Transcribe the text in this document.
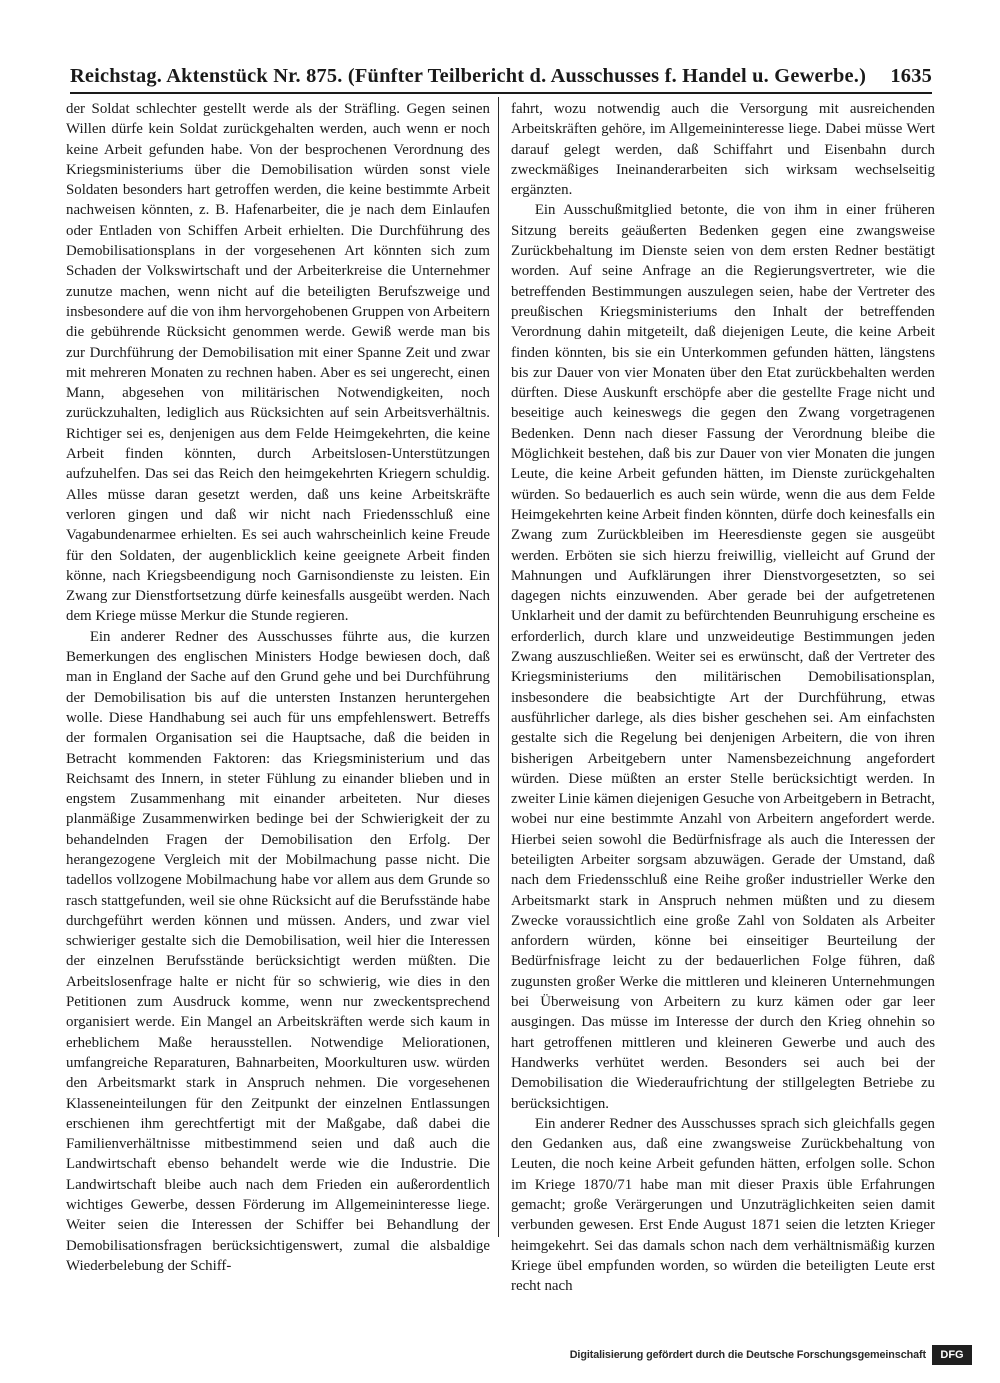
Reichstag. Aktenstück Nr. 875. (Fünfter Teilbericht d. Ausschusses f. Handel u. Gewerbe.) 1635

der Soldat schlechter gestellt werde als der Sträfling. Gegen seinen Willen dürfe kein Soldat zurückgehalten werden, auch wenn er noch keine Arbeit gefunden habe. Von der besprochenen Verordnung des Kriegsministeriums über die Demobilisation würden sonst viele Soldaten besonders hart getroffen werden, die keine bestimmte Arbeit nachweisen könnten, z. B. Hafenarbeiter, die je nach dem Einlaufen oder Entladen von Schiffen Arbeit erhielten. Die Durchführung des Demobilisationsplans in der vorgesehenen Art könnten sich zum Schaden der Volkswirtschaft und der Arbeiterkreise die Unternehmer zunutze machen, wenn nicht auf die beteiligten Berufszweige und insbesondere auf die von ihm hervorgehobenen Gruppen von Arbeitern die gebührende Rücksicht genommen werde. Gewiß werde man bis zur Durchführung der Demobilisation mit einer Spanne Zeit und zwar mit mehreren Monaten zu rechnen haben. Aber es sei ungerecht, einen Mann, abgesehen von militärischen Notwendigkeiten, noch zurückzuhalten, lediglich aus Rücksichten auf sein Arbeitsverhältnis. Richtiger sei es, denjenigen aus dem Felde Heimgekehrten, die keine Arbeit finden könnten, durch Arbeitslosen-Unterstützungen aufzuhelfen. Das sei das Reich den heimgekehrten Kriegern schuldig. Alles müsse daran gesetzt werden, daß uns keine Arbeitskräfte verloren gingen und daß wir nicht nach Friedensschluß eine Vagabundenarmee erhielten. Es sei auch wahrscheinlich keine Freude für den Soldaten, der augenblicklich keine geeignete Arbeit finden könne, nach Kriegsbeendigung noch Garnisondienste zu leisten. Ein Zwang zur Dienstfortsetzung dürfe keinesfalls ausgeübt werden. Nach dem Kriege müsse Merkur die Stunde regieren.

Ein anderer Redner des Ausschusses führte aus, die kurzen Bemerkungen des englischen Ministers Hodge bewiesen doch, daß man in England der Sache auf den Grund gehe und bei Durchführung der Demobilisation bis auf die untersten Instanzen heruntergehen wolle. Diese Handhabung sei auch für uns empfehlenswert. Betreffs der formalen Organisation sei die Hauptsache, daß die beiden in Betracht kommenden Faktoren: das Kriegsministerium und das Reichsamt des Innern, in steter Fühlung zu einander blieben und in engstem Zusammenhang mit einander arbeiteten. Nur dieses planmäßige Zusammenwirken bedinge bei der Schwierigkeit der zu behandelnden Fragen der Demobilisation den Erfolg. Der herangezogene Vergleich mit der Mobilmachung passe nicht. Die tadellos vollzogene Mobilmachung habe vor allem aus dem Grunde so rasch stattgefunden, weil sie ohne Rücksicht auf die Berufsstände habe durchgeführt werden können und müssen. Anders, und zwar viel schwieriger gestalte sich die Demobilisation, weil hier die Interessen der einzelnen Berufsstände berücksichtigt werden müßten. Die Arbeitslosenfrage halte er nicht für so schwierig, wie dies in den Petitionen zum Ausdruck komme, wenn nur zweckentsprechend organisiert werde. Ein Mangel an Arbeitskräften werde sich kaum in erheblichem Maße herausstellen. Notwendige Meliorationen, umfangreiche Reparaturen, Bahnarbeiten, Moorkulturen usw. würden den Arbeitsmarkt stark in Anspruch nehmen. Die vorgesehenen Klasseneinteilungen für den Zeitpunkt der einzelnen Entlassungen erschienen ihm gerechtfertigt mit der Maßgabe, daß dabei die Familienverhältnisse mitbestimmend seien und daß auch die Landwirtschaft ebenso behandelt werde wie die Industrie. Die Landwirtschaft bleibe auch nach dem Frieden ein außerordentlich wichtiges Gewerbe, dessen Förderung im Allgemeininteresse liege. Weiter seien die Interessen der Schiffer bei Behandlung der Demobilisationsfragen berücksichtigenswert, zumal die alsbaldige Wiederbelebung der Schiff-

fahrt, wozu notwendig auch die Versorgung mit ausreichenden Arbeitskräften gehöre, im Allgemeininteresse liege. Dabei müsse Wert darauf gelegt werden, daß Schiffahrt und Eisenbahn durch zweckmäßiges Ineinanderarbeiten sich wirksam wechselseitig ergänzten.

Ein Ausschußmitglied betonte, die von ihm in einer früheren Sitzung bereits geäußerten Bedenken gegen eine zwangsweise Zurückbehaltung im Dienste seien von dem ersten Redner bestätigt worden. Auf seine Anfrage an die Regierungsvertreter, wie die betreffenden Bestimmungen auszulegen seien, habe der Vertreter des preußischen Kriegsministeriums den Inhalt der betreffenden Verordnung dahin mitgeteilt, daß diejenigen Leute, die keine Arbeit finden könnten, bis sie ein Unterkommen gefunden hätten, längstens bis zur Dauer von vier Monaten über den Etat zurückbehalten werden dürften. Diese Auskunft erschöpfe aber die gestellte Frage nicht und beseitige auch keineswegs die gegen den Zwang vorgetragenen Bedenken. Denn nach dieser Fassung der Verordnung bleibe die Möglichkeit bestehen, daß bis zur Dauer von vier Monaten die jungen Leute, die keine Arbeit gefunden hätten, im Dienste zurückgehalten würden. So bedauerlich es auch sein würde, wenn die aus dem Felde Heimgekehrten keine Arbeit finden könnten, dürfe doch keinesfalls ein Zwang zum Zurückbleiben im Heeresdienste gegen sie ausgeübt werden. Erböten sie sich hierzu freiwillig, vielleicht auf Grund der Mahnungen und Aufklärungen ihrer Dienstvorgesetzten, so sei dagegen nichts einzuwenden. Aber gerade bei der aufgetretenen Unklarheit und der damit zu befürchtenden Beunruhigung erscheine es erforderlich, durch klare und unzweideutige Bestimmungen jeden Zwang auszuschließen. Weiter sei es erwünscht, daß der Vertreter des Kriegsministeriums den militärischen Demobilisationsplan, insbesondere die beabsichtigte Art der Durchführung, etwas ausführlicher darlege, als dies bisher geschehen sei. Am einfachsten gestalte sich die Regelung bei denjenigen Arbeitern, die von ihren bisherigen Arbeitgebern unter Namensbezeichnung angefordert würden. Diese müßten an erster Stelle berücksichtigt werden. In zweiter Linie kämen diejenigen Gesuche von Arbeitgebern in Betracht, wobei nur eine bestimmte Anzahl von Arbeitern angefordert werde. Hierbei seien sowohl die Bedürfnisfrage als auch die Interessen der beteiligten Arbeiter sorgsam abzuwägen. Gerade der Umstand, daß nach dem Friedensschluß eine Reihe großer industrieller Werke den Arbeitsmarkt stark in Anspruch nehmen müßten und zu diesem Zwecke voraussichtlich eine große Zahl von Soldaten als Arbeiter anfordern würden, könne bei einseitiger Beurteilung der Bedürfnisfrage leicht zu der bedauerlichen Folge führen, daß zugunsten großer Werke die mittleren und kleineren Unternehmungen bei Überweisung von Arbeitern zu kurz kämen oder gar leer ausgingen. Das müsse im Interesse der durch den Krieg ohnehin so hart getroffenen mittleren und kleineren Gewerbe und auch des Handwerks verhütet werden. Besonders sei auch bei der Demobilisation die Wiederaufrichtung der stillgelegten Betriebe zu berücksichtigen.

Ein anderer Redner des Ausschusses sprach sich gleichfalls gegen den Gedanken aus, daß eine zwangsweise Zurückbehaltung von Leuten, die noch keine Arbeit gefunden hätten, erfolgen solle. Schon im Kriege 1870/71 habe man mit dieser Praxis üble Erfahrungen gemacht; große Verärgerungen und Unzuträglichkeiten seien damit verbunden gewesen. Erst Ende August 1871 seien die letzten Krieger heimgekehrt. Sei das damals schon nach dem verhältnismäßig kurzen Kriege übel empfunden worden, so würden die beteiligten Leute erst recht nach

Digitalisierung gefördert durch die Deutsche Forschungsgemeinschaft	DFG
